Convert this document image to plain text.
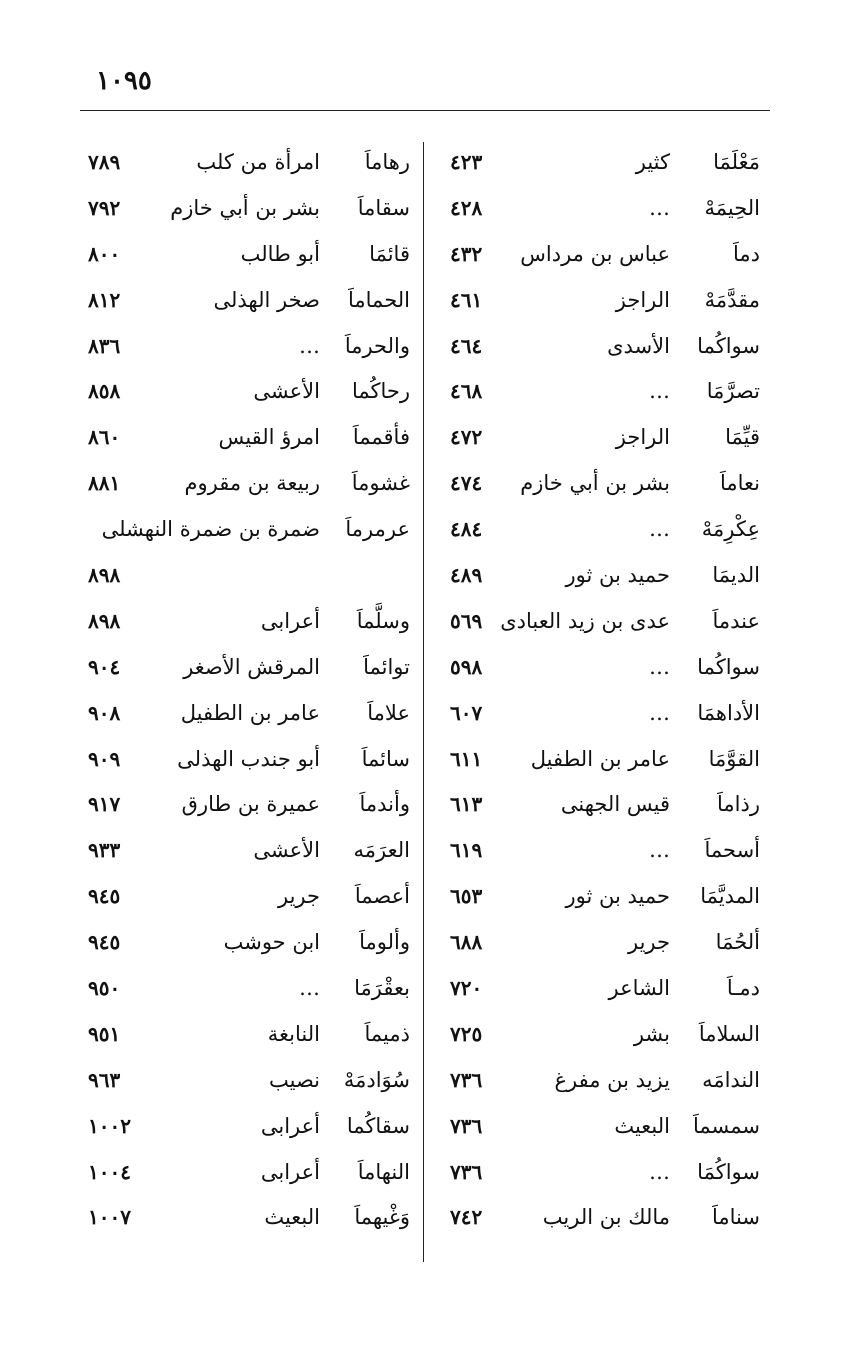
١٠٩٥
مَعْلَمَا
كثير
٤٢٣
الحِيمَهْ
…
٤٢٨
دماَ
عباس بن مرداس
٤٣٢
مقدَّمَهْ
الراجز
٤٦١
سواكُما
الأسدى
٤٦٤
تصرَّمَا
…
٤٦٨
قيِّمَا
الراجز
٤٧٢
نعاماَ
بشر بن أبي خازم
٤٧٤
عِكْرِمَهْ
…
٤٨٤
الديمَا
حميد بن ثور
٤٨٩
عندماَ
عدى بن زيد العبادى
٥٦٩
سواكُما
…
٥٩٨
الأداهمَا
…
٦٠٧
القوَّمَا
عامر بن الطفيل
٦١١
رذاماَ
قيس الجهنى
٦١٣
أسحماَ
…
٦١٩
المديَّمَا
حميد بن ثور
٦٥٣
ألحُمَا
جرير
٦٨٨
دمـاَ
الشاعر
٧٢٠
السلاماَ
بشر
٧٢٥
الندامَه
يزيد بن مفرغ
٧٣٦
سمسماَ
البعيث
٧٣٦
سواكُمَا
…
٧٣٦
سناماَ
مالك بن الريب
٧٤٢
رهاماَ
امرأة من كلب
٧٨٩
سقاماَ
بشر بن أبي خازم
٧٩٢
قائمَا
أبو طالب
٨٠٠
الحماماَ
صخر الهذلى
٨١٢
والحرماَ
…
٨٣٦
رحاكُما
الأعشى
٨٥٨
فأقمماَ
امرؤ القيس
٨٦٠
غشوماَ
ربيعة بن مقروم
٨٨١
عرمرماَ
ضمرة بن ضمرة النهشلى
٨٩٨
وسلَّماَ
أعرابى
٨٩٨
توائماَ
المرقش الأصغر
٩٠٤
علاماَ
عامر بن الطفيل
٩٠٨
سائماَ
أبو جندب الهذلى
٩٠٩
وأندماَ
عميرة بن طارق
٩١٧
العرَمَه
الأعشى
٩٣٣
أعصماَ
جرير
٩٤٥
وألوماَ
ابن حوشب
٩٤٥
بعقْرَمَا
…
٩٥٠
ذميماَ
النابغة
٩٥١
سُوَادمَهْ
نصيب
٩٦٣
سقاكُما
أعرابى
١٠٠٢
النهاماَ
أعرابى
١٠٠٤
وَغْيهماَ
البعيث
١٠٠٧
